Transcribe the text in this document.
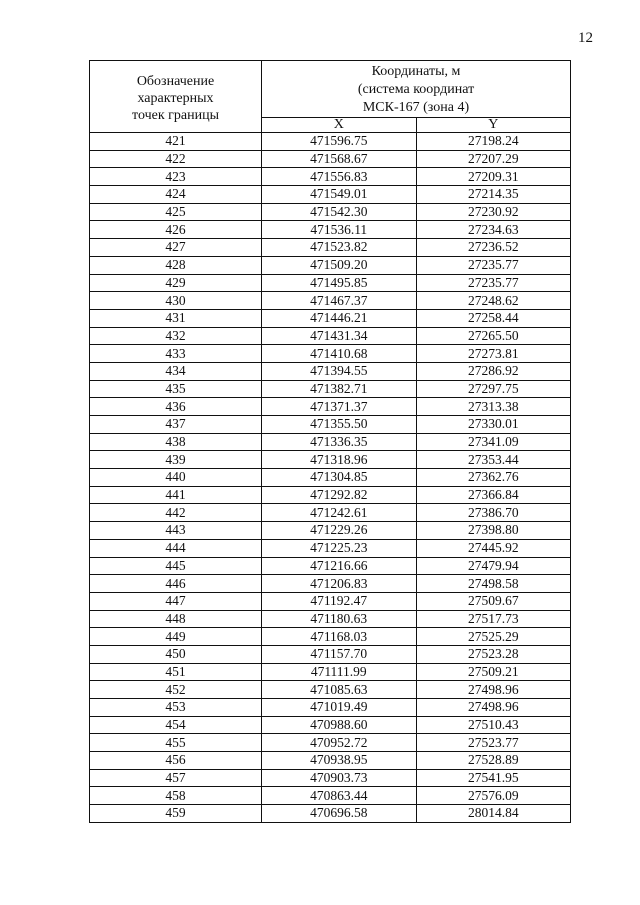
12
Обозначение
характерных
точек границы	Координаты, м
(система координат
МСК-167 (зона 4)	

	X	Y
421	471596.75	27198.24
422	471568.67	27207.29
423	471556.83	27209.31
424	471549.01	27214.35
425	471542.30	27230.92
426	471536.11	27234.63
427	471523.82	27236.52
428	471509.20	27235.77
429	471495.85	27235.77
430	471467.37	27248.62
431	471446.21	27258.44
432	471431.34	27265.50
433	471410.68	27273.81
434	471394.55	27286.92
435	471382.71	27297.75
436	471371.37	27313.38
437	471355.50	27330.01
438	471336.35	27341.09
439	471318.96	27353.44
440	471304.85	27362.76
441	471292.82	27366.84
442	471242.61	27386.70
443	471229.26	27398.80
444	471225.23	27445.92
445	471216.66	27479.94
446	471206.83	27498.58
447	471192.47	27509.67
448	471180.63	27517.73
449	471168.03	27525.29
450	471157.70	27523.28
451	471111.99	27509.21
452	471085.63	27498.96
453	471019.49	27498.96
454	470988.60	27510.43
455	470952.72	27523.77
456	470938.95	27528.89
457	470903.73	27541.95
458	470863.44	27576.09
459	470696.58	28014.84
